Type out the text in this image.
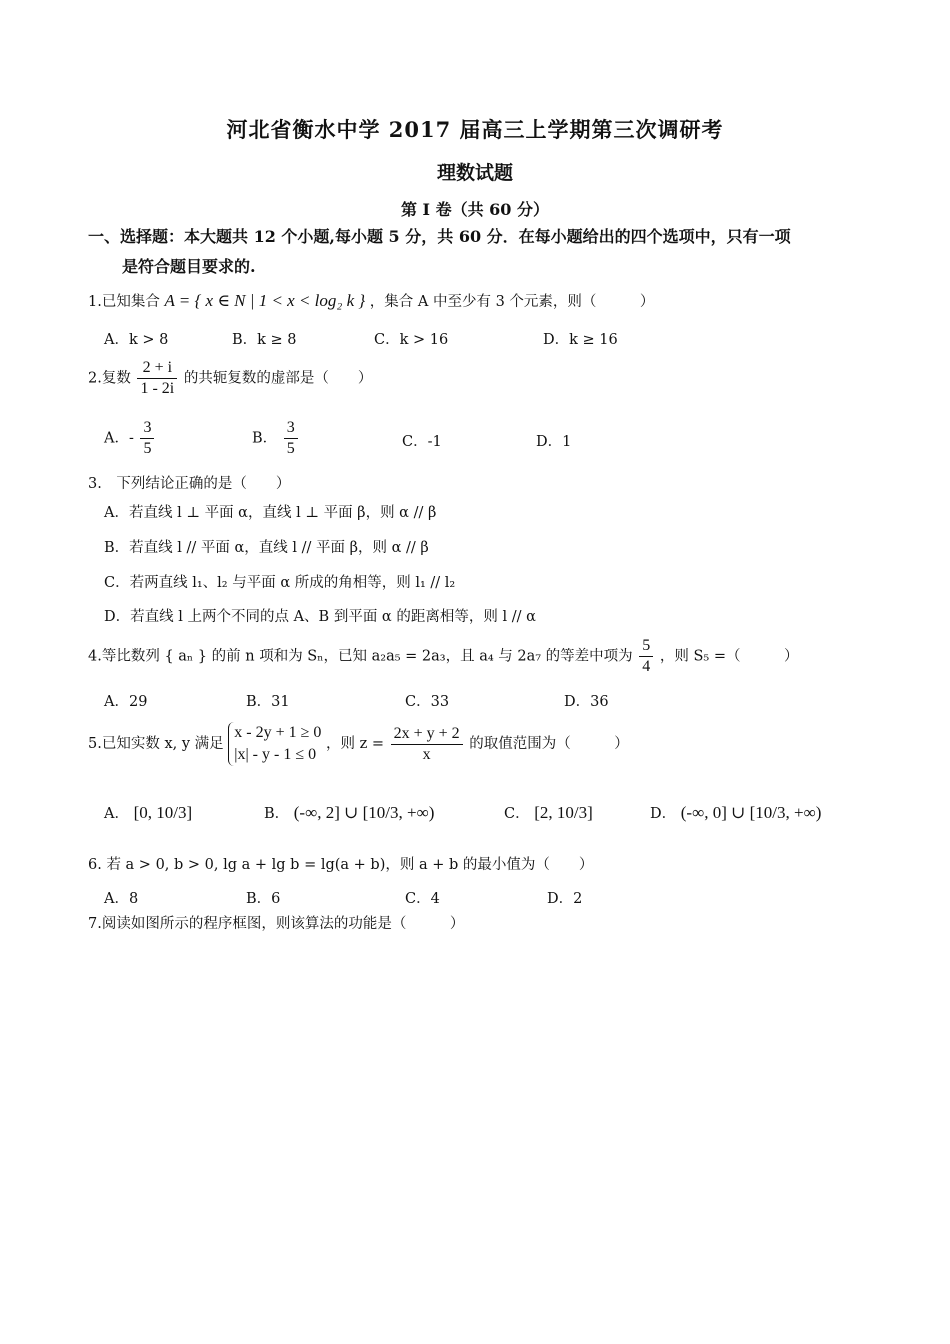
河北省衡水中学 2017 届高三上学期第三次调研考
理数试题
第 I 卷（共 60 分）
一、选择题：本大题共 12 个小题,每小题 5 分，共 60 分．在每小题给出的四个选项中，只有一项
是符合题目要求的.
1.已知集合 A = { x ∈ N | 1 < x < log₂ k } ，集合 A 中至少有 3 个元素，则（　　　）
A．k > 8	B．k ≥ 8	C．k > 16	D．k ≥ 16
2.复数 $\frac{2 + i}{1 - 2i}$ 的共轭复数的虚部是（　　）
A．- $\frac{3}{5}$	B． $\frac{3}{5}$	C．-1	D．1
3.　下列结论正确的是（　　）
A．若直线 l ⊥ 平面 α，直线 l ⊥ 平面 β，则 α // β
B．若直线 l // 平面 α，直线 l // 平面 β，则 α // β
C．若两直线 l₁、l₂ 与平面 α 所成的角相等，则 l₁ // l₂
D．若直线 l 上两个不同的点 A、B 到平面 α 的距离相等，则 l // α
4.等比数列 { aₙ } 的前 n 项和为 Sₙ，已知 a₂a₅ = 2a₃，且 a₄ 与 2a₇ 的等差中项为 $\frac{5}{4}$ ，则 S₅ =（　　　）
A．29	B．31	C．33	D．36
5.已知实数 x, y 满足
x - 2y + 1 ≥ 0
|x| - y - 1 ≤ 0
，则 $z = \frac{2x + y + 2}{x}$ 的取值范围为（　　　）
A． [0, 10/3]	B． (-∞, 2] ∪ [10/3, +∞)	C． [2, 10/3]	D． (-∞, 0] ∪ [10/3, +∞)
6. 若 a > 0, b > 0, lg a + lg b = lg(a + b)，则 a + b 的最小值为（　　）
A．8	B．6	C．4	D．2
7.阅读如图所示的程序框图，则该算法的功能是（　　　）
